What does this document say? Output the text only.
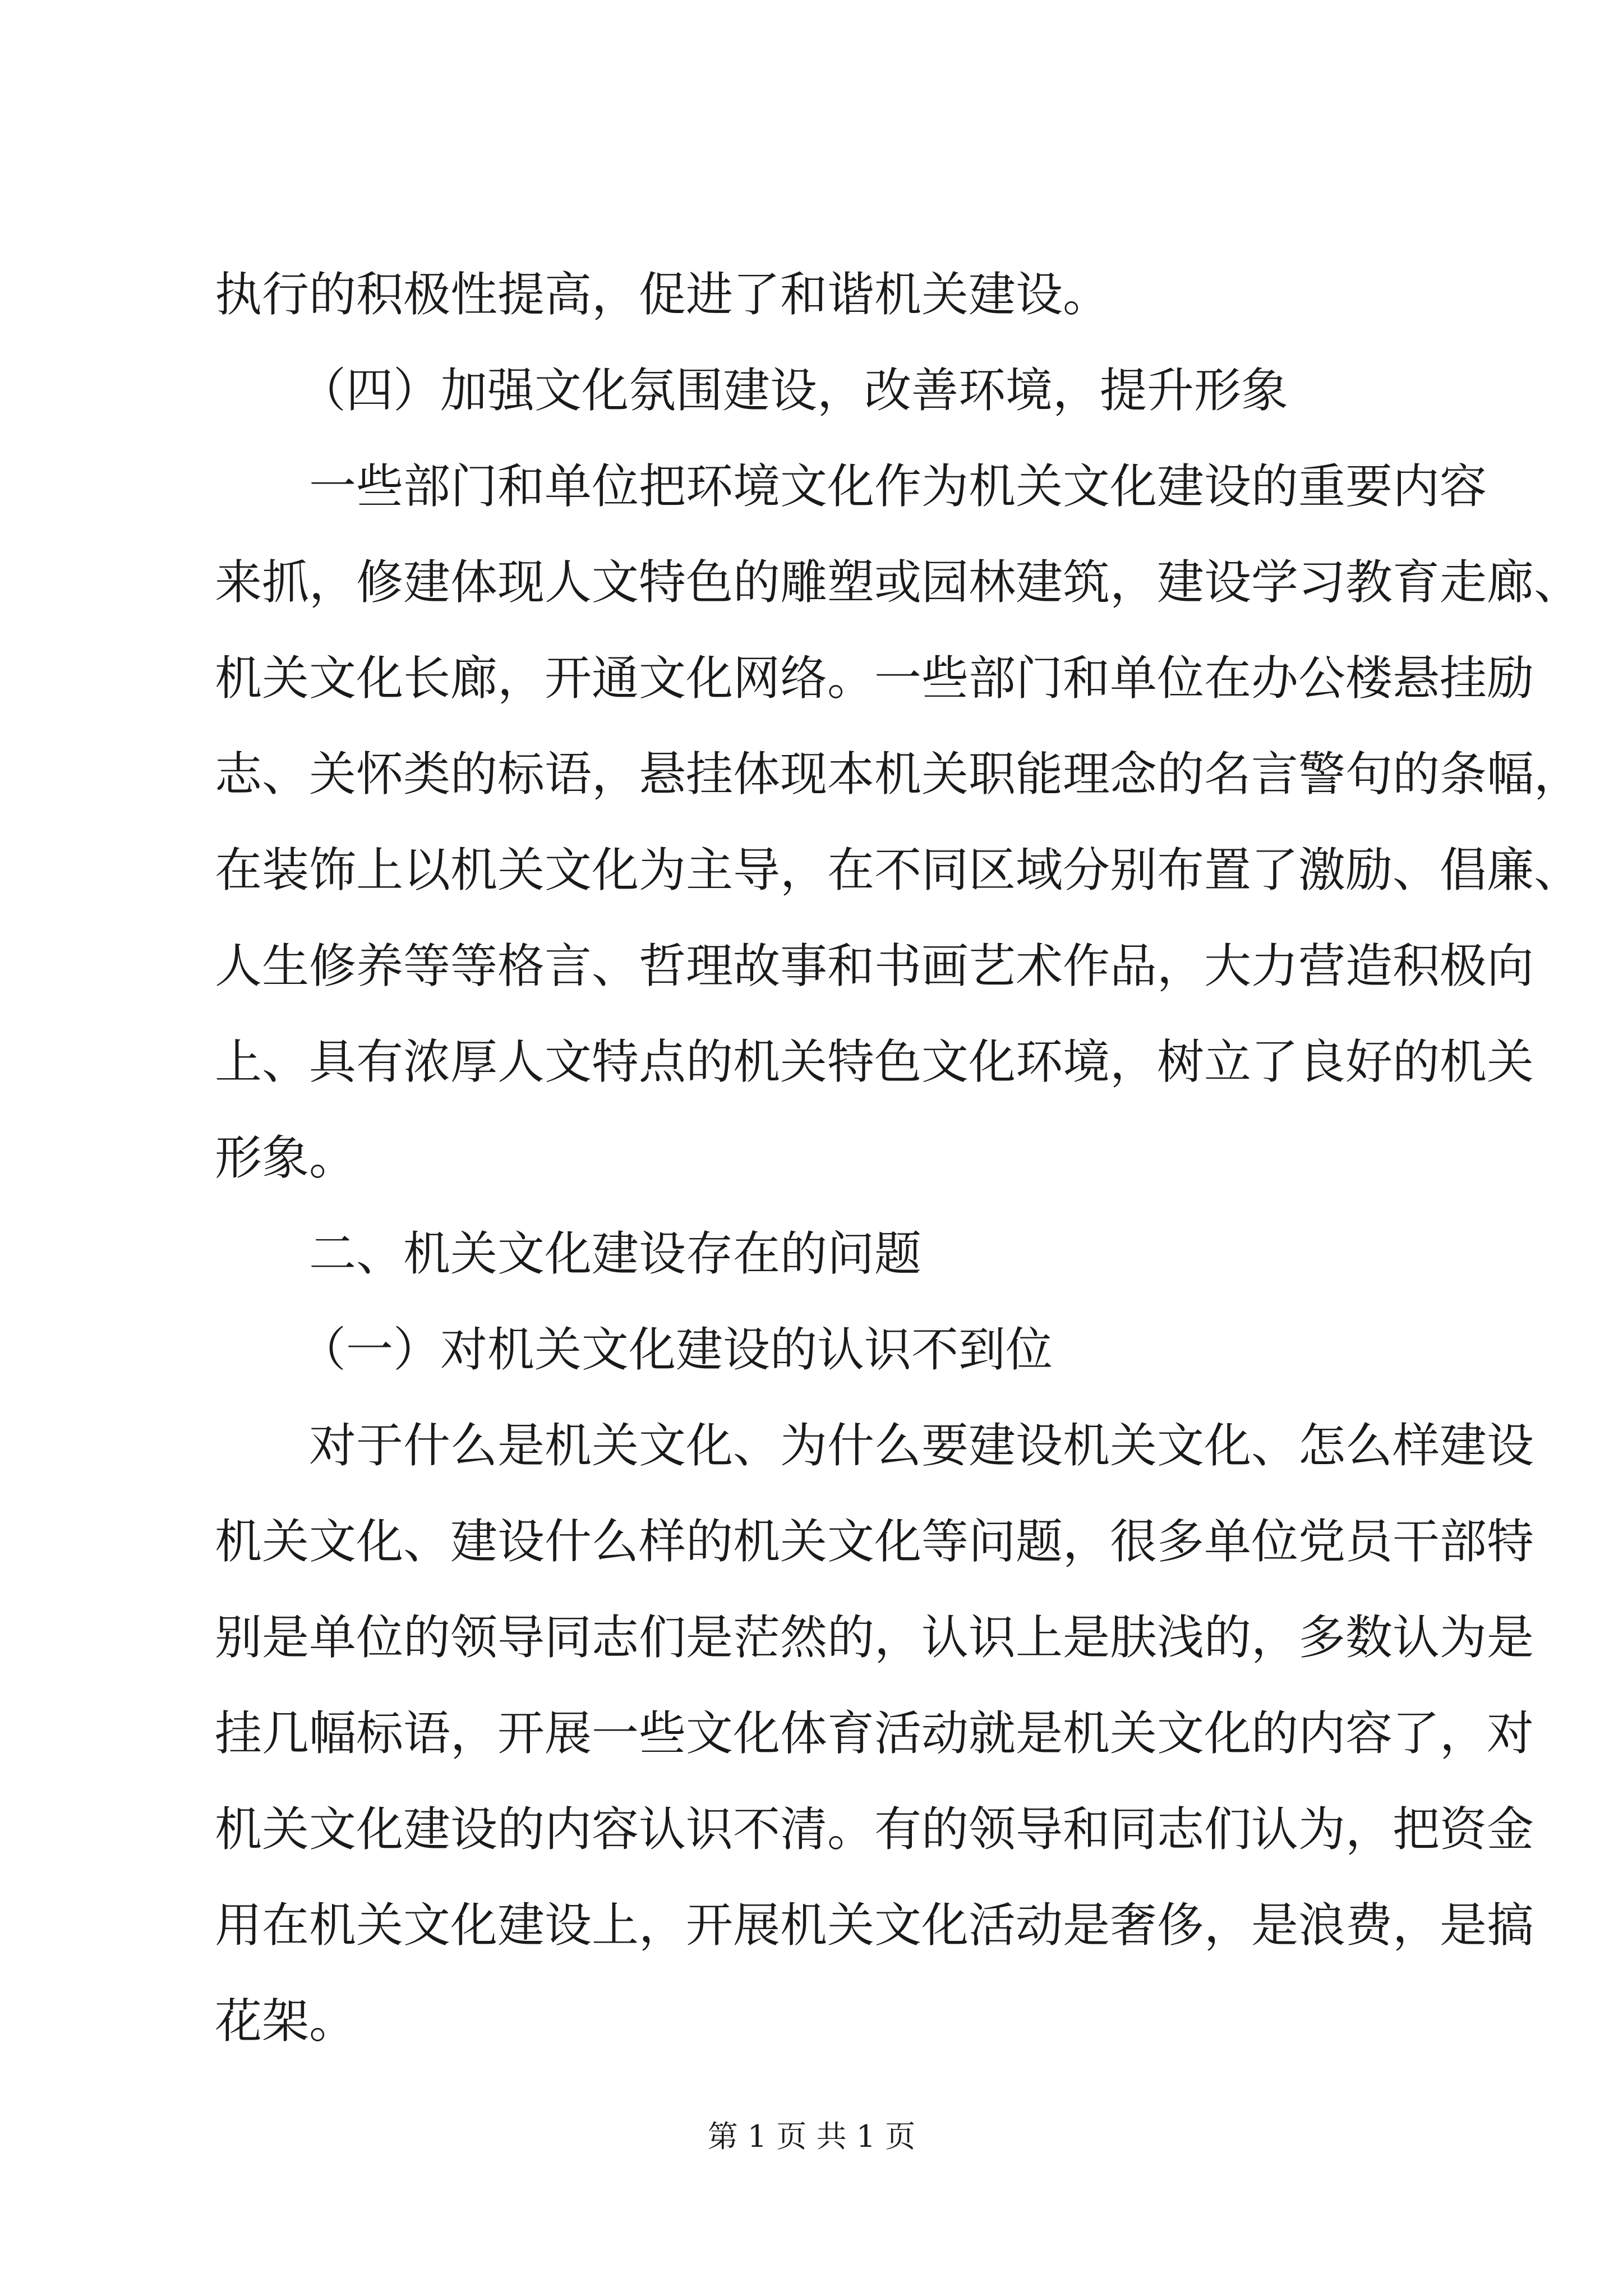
执行的积极性提高，促进了和谐机关建设。
（四）加强文化氛围建设，改善环境，提升形象
一些部门和单位把环境文化作为机关文化建设的重要内容
来抓，修建体现人文特色的雕塑或园林建筑，建设学习教育走廊、
机关文化长廊，开通文化网络。一些部门和单位在办公楼悬挂励
志、关怀类的标语，悬挂体现本机关职能理念的名言警句的条幅，
在装饰上以机关文化为主导，在不同区域分别布置了激励、倡廉、
人生修养等等格言、哲理故事和书画艺术作品，大力营造积极向
上、具有浓厚人文特点的机关特色文化环境，树立了良好的机关
形象。
二、机关文化建设存在的问题
（一）对机关文化建设的认识不到位
对于什么是机关文化、为什么要建设机关文化、怎么样建设
机关文化、建设什么样的机关文化等问题，很多单位党员干部特
别是单位的领导同志们是茫然的，认识上是肤浅的，多数认为是
挂几幅标语，开展一些文化体育活动就是机关文化的内容了，对
机关文化建设的内容认识不清。有的领导和同志们认为，把资金
用在机关文化建设上，开展机关文化活动是奢侈，是浪费，是搞
花架。
第 1 页 共 1 页
